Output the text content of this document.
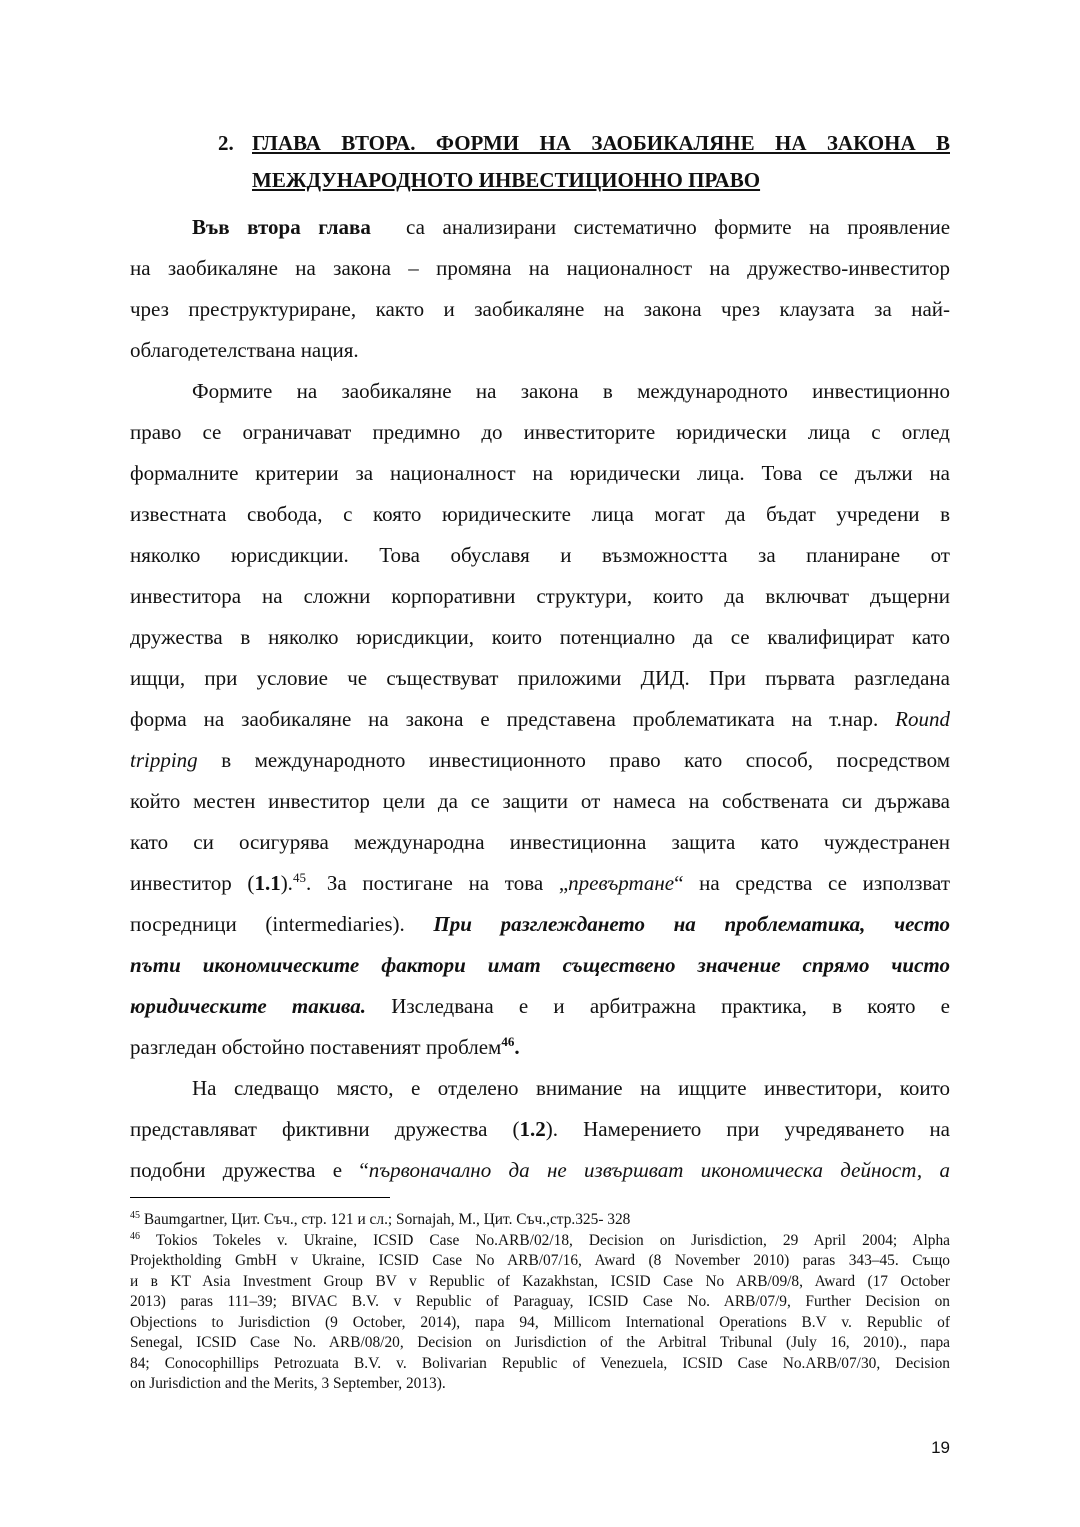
2. ГЛАВА ВТОРА. ФОРМИ НА ЗАОБИКАЛЯНЕ НА ЗАКОНА В
МЕЖДУНАРОДНОТО ИНВЕСТИЦИОННО ПРАВО
Във втора глава са анализирани систематично формите на проявление
на заобикаляне на закона – промяна на националност на дружество-инвеститор
чрез преструктуриране, както и заобикаляне на закона чрез клаузата за най-
облагодетелствана нация.
Формите на заобикаляне на закона в международното инвестиционно
право се ограничават предимно до инвеститорите юридически лица с оглед
формалните критерии за националност на юридически лица. Това се дължи на
известната свобода, с която юридическите лица могат да бъдат учредени в
няколко юрисдикции. Това обуславя и възможността за планиране от
инвеститора на сложни корпоративни структури, които да включват дъщерни
дружества в няколко юрисдикции, които потенциално да се квалифицират като
ищци, при условие че съществуват приложими ДИД. При първата разгледана
форма на заобикаляне на закона е представена проблематиката на т.нар. Round
tripping в международното инвестиционното право като способ, посредством
който местен инвеститор цели да се защити от намеса на собствената си държава
като си осигурява международна инвестиционна защита като чуждестранен
инвеститор (1.1).$^{45}$. За постигане на това „превъртане“ на средства се използват
посредници (intermediaries). При разглеждането на проблематика, често
пъти икономическите фактори имат съществено значение спрямо чисто
юридическите такива. Изследвана е и арбитражна практика, в която е
разгледан обстойно поставеният проблем$^{46}$.
На следващо място, е отделено внимание на ищците инвеститори, които
представляват фиктивни дружества (1.2). Намерението при учредяването на
подобни дружества е “първоначално да не извършват икономическа дейност, а
$^{45}$ Baumgartner, Цит. Съч., стр. 121 и сл.; Sornajah, M., Цит. Съч.,стр.325- 328
$^{46}$ Tokios Tokeles v. Ukraine, ICSID Case No.ARB/02/18, Decision on Jurisdiction, 29 April 2004; Alpha
Projektholding GmbH v Ukraine, ICSID Case No ARB/07/16, Award (8 November 2010) paras 343–45. Също
и в KT Asia Investment Group BV v Republic of Kazakhstan, ICSID Case No ARB/09/8, Award (17 October
2013) paras 111–39; BIVAC B.V. v Republic of Paraguay, ICSID Case No. ARB/07/9, Further Decision on
Objections to Jurisdiction (9 October, 2014), пара 94, Millicom International Operations B.V v. Republic of
Senegal, ICSID Case No. ARB/08/20, Decision on Jurisdiction of the Arbitral Tribunal (July 16, 2010)., пара
84; Conocophillips Petrozuata B.V. v. Bolivarian Republic of Venezuela, ICSID Case No.ARB/07/30, Decision
on Jurisdiction and the Merits, 3 September, 2013).
19
